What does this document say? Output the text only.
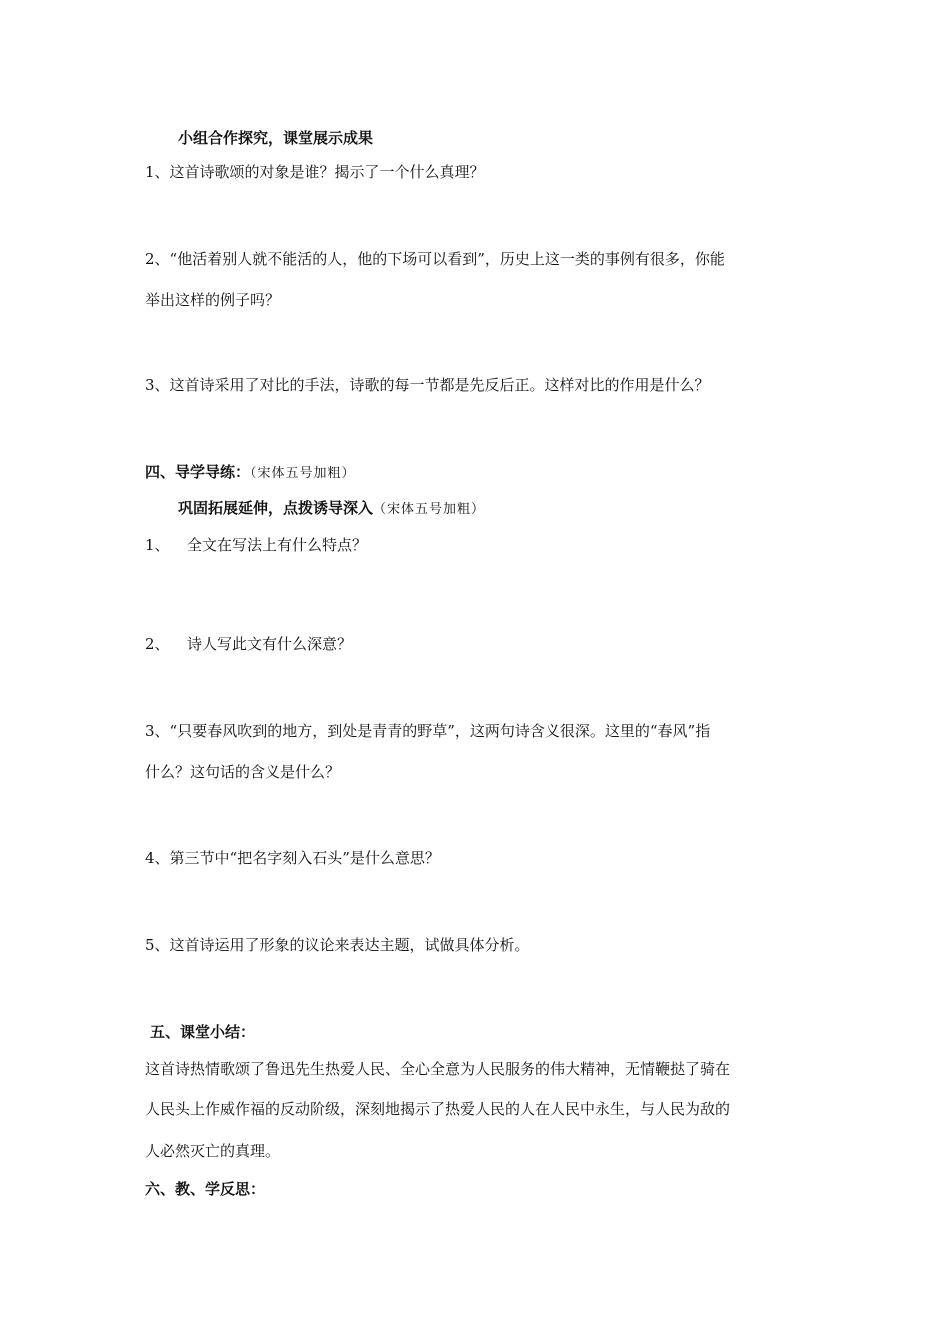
小组合作探究，课堂展示成果
1、这首诗歌颂的对象是谁？揭示了一个什么真理？
2、“他活着别人就不能活的人，他的下场可以看到”，历史上这一类的事例有很多，你能
举出这样的例子吗？
3、这首诗采用了对比的手法，诗歌的每一节都是先反后正。这样对比的作用是什么？
四、导学导练：（宋体五号加粗）
巩固拓展延伸，点拨诱导深入（宋体五号加粗）
1、 全文在写法上有什么特点？
2、 诗人写此文有什么深意？
3、“只要春风吹到的地方，到处是青青的野草”，这两句诗含义很深。这里的“春风”指
什么？这句话的含义是什么？
4、第三节中“把名字刻入石头”是什么意思？
5、这首诗运用了形象的议论来表达主题，试做具体分析。
五、课堂小结：
这首诗热情歌颂了鲁迅先生热爱人民、全心全意为人民服务的伟大精神，无情鞭挞了骑在
人民头上作威作福的反动阶级，深刻地揭示了热爱人民的人在人民中永生，与人民为敌的
人必然灭亡的真理。
六、教、学反思：
